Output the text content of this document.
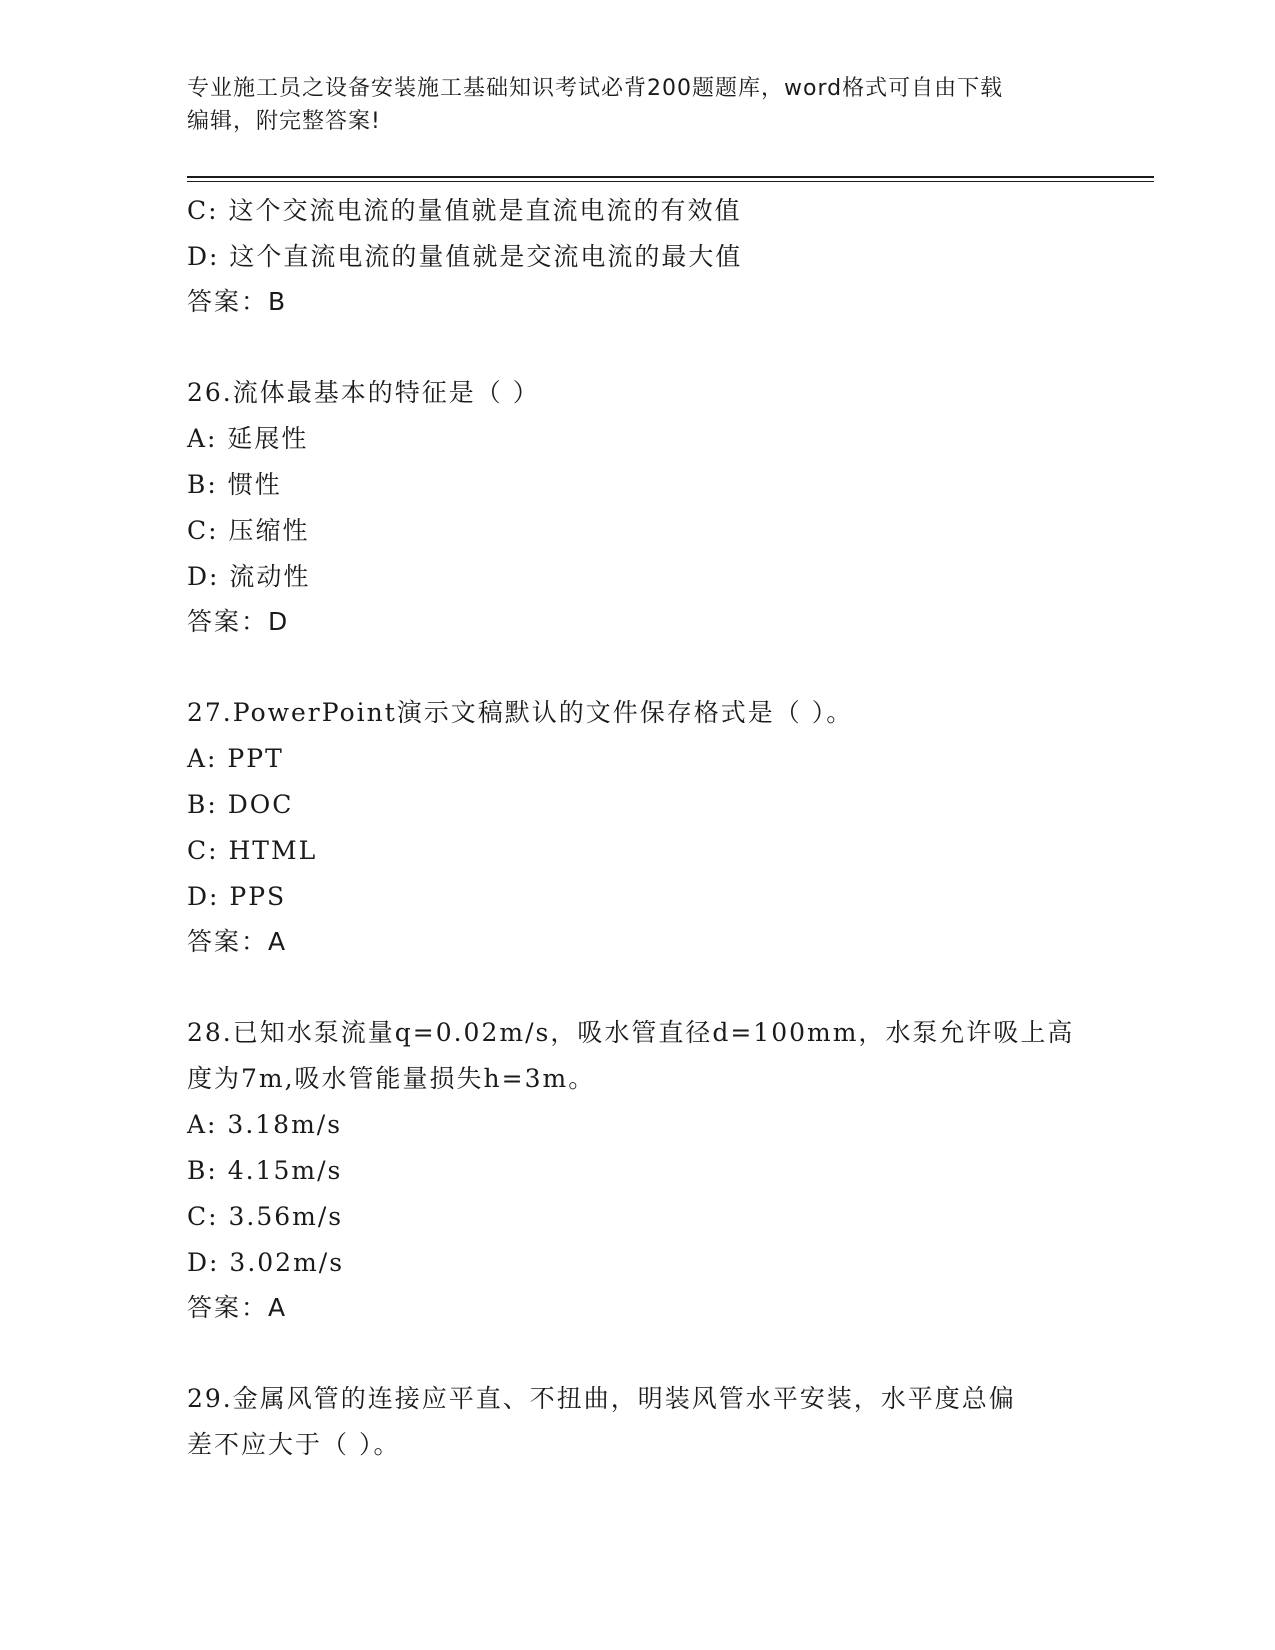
专业施工员之设备安装施工基础知识考试必背200题题库，word格式可自由下载
编辑，附完整答案!
C: 这个交流电流的量值就是直流电流的有效值
D: 这个直流电流的量值就是交流电流的最大值
答案：B
26.流体最基本的特征是（ ）
A: 延展性
B: 惯性
C: 压缩性
D: 流动性
答案：D
27.PowerPoint演示文稿默认的文件保存格式是（ ）。
A: PPT
B: DOC
C: HTML
D: PPS
答案：A
28.已知水泵流量q=0.02m/s，吸水管直径d=100mm，水泵允许吸上高
度为7m,吸水管能量损失h=3m。
A: 3.18m/s
B: 4.15m/s
C: 3.56m/s
D: 3.02m/s
答案：A
29.金属风管的连接应平直、不扭曲，明装风管水平安装，水平度总偏
差不应大于（ ）。
